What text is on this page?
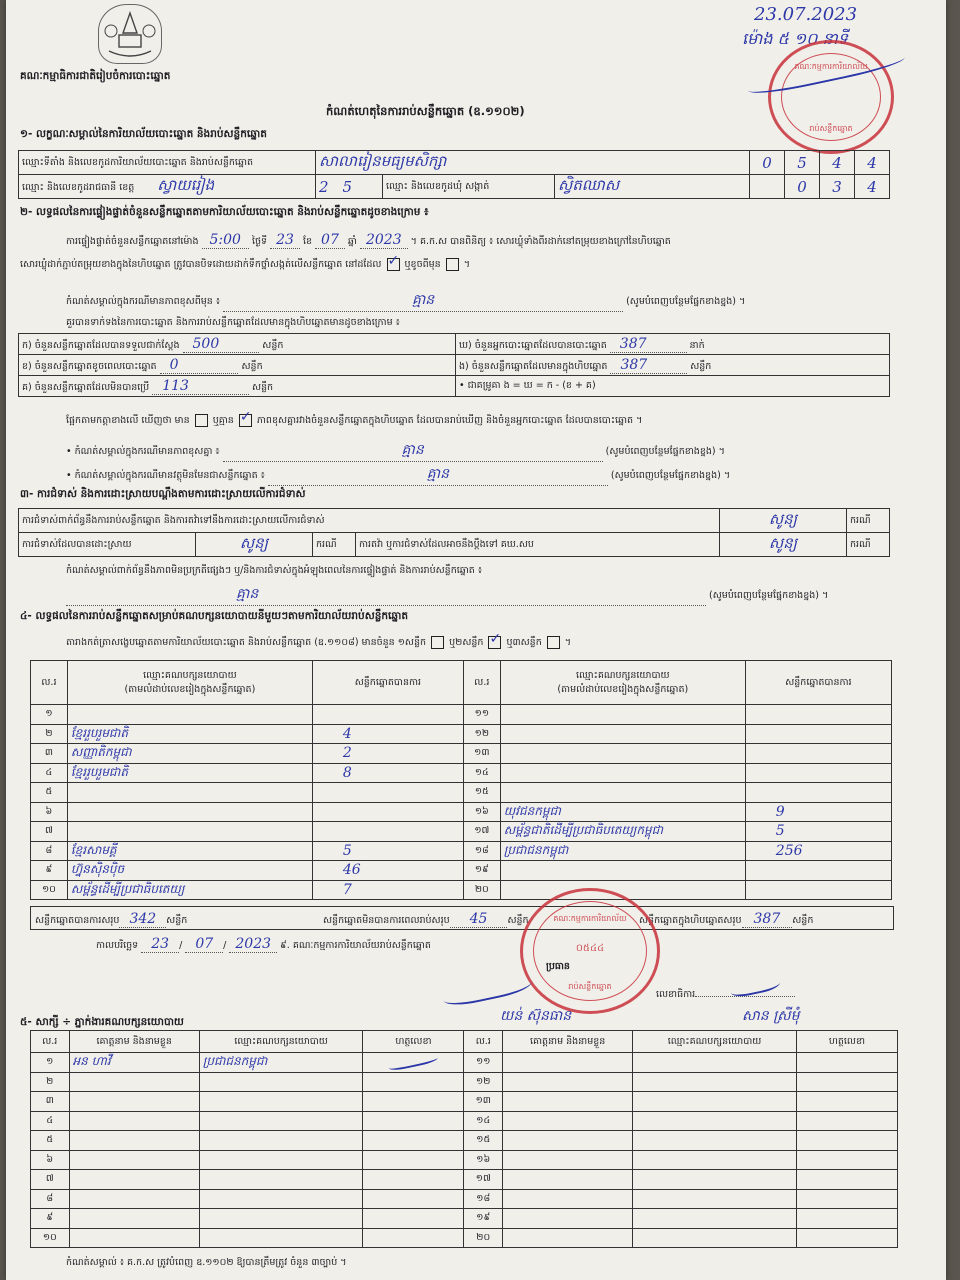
គណៈកម្មាធិការជាតិរៀបចំការបោះឆ្នោត
កំណត់ហេតុនៃការរាប់សន្លឹកឆ្នោត (ឧ.១១០២)
23.07.2023
ម៉ោង ៥ ១០ នាទី
គណៈកម្មការការិយាល័យ
រាប់សន្លឹកឆ្នោត
១- លក្ខណៈសម្គាល់នៃការិយាល័យបោះឆ្នោត និងរាប់សន្លឹកឆ្នោត
ឈ្មោះទីតាំង និងលេខកូដការិយាល័យបោះឆ្នោត និងរាប់សន្លឹកឆ្នោត	សាលារៀនមធ្យមសិក្សា			0	5	4	4
ឈ្មោះ និងលេខកូដរាជធានី ខេត្ត ស្វាយរៀង	25	ឈ្មោះ និងលេខកូដឃុំ សង្កាត់	ស្វិតឈាស		0	3	4
២- លទ្ធផលនៃការផ្ទៀងផ្ទាត់ចំនួនសន្លឹកឆ្នោតតាមការិយាល័យបោះឆ្នោត និងរាប់សន្លឹកឆ្នោតដូចខាងក្រោម ៖
ការផ្ទៀងផ្ទាត់ចំនួនសន្លឹកឆ្នោតនៅម៉ោង 5:00 ថ្ងៃទី 23 ខែ 07 ឆ្នាំ 2023 ។ គ.ក.ស បានពិនិត្យ ៖ សោរឃ្លុំទាំងពីរដាក់នៅតម្រុយខាងក្រៅនៃហិបឆ្នោត
សោរឃ្លុំដាក់ភ្ជាប់តម្រុយខាងក្នុងនៃហិបឆ្នោត ត្រូវបានបិទដោយដាក់ទឹកថ្នាំសង្កត់លើសន្លឹកឆ្នោត នៅដដែល ✓ ឬខូចពីមុន  ។
កំណត់សម្គាល់ក្នុងករណីមានភាពខុសពីមុន ៖	គ្មាន	(សូមបំពេញបន្ថែមផ្នែកខាងខ្នង) ។
គួរបានទាក់ទងនៃការបោះឆ្នោត និងការរាប់សន្លឹកឆ្នោតដែលមានក្នុងហិបឆ្នោតមានដូចខាងក្រោម ៖
ក) ចំនួនសន្លឹកឆ្នោតដែលបានទទួលជាក់ស្តែង 500 សន្លឹក	ឃ) ចំនួនអ្នកបោះឆ្នោតដែលបានបោះឆ្នោត 387 នាក់
ខ) ចំនួនសន្លឹកឆ្នោតខូចពេលបោះឆ្នោត 0 សន្លឹក	ង) ចំនួនសន្លឹកឆ្នោតដែលមានក្នុងហិបឆ្នោត 387 សន្លឹក
គ) ចំនួនសន្លឹកឆ្នោតដែលមិនបានប្រើ 113 សន្លឹក	• ជាគម្រូគា ង = ឃ = ក - (ខ + គ)
ផ្អែកតាមកត្តាខាងលើ ឃើញថា មាន ឬគ្មាន ✓ ភាពខុសគ្នារវាងចំនួនសន្លឹកឆ្នោតក្នុងហិបឆ្នោត ដែលបានរាប់ឃើញ និងចំនួនអ្នកបោះឆ្នោត ដែលបានបោះឆ្នោត ។
• កំណត់សម្គាល់ក្នុងករណីមានភាពខុសគ្នា ៖	គ្មាន	(សូមបំពេញបន្ថែមផ្នែកខាងខ្នង) ។
• កំណត់សម្គាល់ក្នុងករណីមានវត្ថុមិនមែនជាសន្លឹកឆ្នោត ៖	គ្មាន	(សូមបំពេញបន្ថែមផ្នែកខាងខ្នង) ។
៣- ការជំទាស់ និងការដោះស្រាយបណ្តឹងតាមការដោះស្រាយលើការជំទាស់
ការជំទាស់ពាក់ព័ន្ធនឹងការរាប់សន្លឹកឆ្នោត និងការតវ៉ាទៅនឹងការដោះស្រាយលើការជំទាស់				សូន្យ	ករណី
ការជំទាស់ដែលបានដោះស្រាយ	សូន្យ	ករណី	ការតវ៉ា ឬការជំទាស់ដែលអាចនឹងប្តឹងទៅ គឃ.សប	សូន្យ	ករណី
កំណត់សម្គាល់ពាក់ព័ន្ធនឹងភាពមិនប្រក្រតីផ្សេងៗ ឬ/និងការជំទាស់ក្នុងអំឡុងពេលនៃការផ្ទៀងផ្ទាត់ និងការរាប់សន្លឹកឆ្នោត ៖
គ្មាន	(សូមបំពេញបន្ថែមផ្នែកខាងខ្នង) ។
៤- លទ្ធផលនៃការរាប់សន្លឹកឆ្នោតសម្រាប់គណបក្សនយោបាយនីមួយៗតាមការិយាល័យរាប់សន្លឹកឆ្នោត
តារាងកត់ត្រាសង្ខេបឆ្នោតតាមការិយាល័យបោះឆ្នោត និងរាប់សន្លឹកឆ្នោត (ឧ.១១០៨) មានចំនួន ១សន្លឹក ឬ២សន្លឹក ✓ ឬ៣សន្លឹក  ។
ល.រ	ឈ្មោះគណបក្សនយោបាយ
(តាមលំដាប់លេខរៀងក្នុងសន្លឹកឆ្នោត)	សន្លឹកឆ្នោតបានការ	ល.រ	ឈ្មោះគណបក្សនយោបាយ
(តាមលំដាប់លេខរៀងក្នុងសន្លឹកឆ្នោត)	សន្លឹកឆ្នោតបានការ
១			១១		
២	ខ្មែររួបរួមជាតិ	4	១២		
៣	សញ្ញាតិកម្ពុជា	2	១៣		
៤	ខ្មែររួបរួមជាតិ	8	១៤		
៥			១៥		
៦			១៦	យុវជនកម្ពុជា	9
៧			១៧	សម្ព័ន្ធជាតិដើម្បីប្រជាធិបតេយ្យកម្ពុជា	5
៨	ខ្មែរសាមគ្គី	5	១៨	ប្រជាជនកម្ពុជា	256
៩	ហ្វ៊ុនស៊ិនប៉ិច	46	១៩		
១០	សម្ព័ន្ធដើម្បីប្រជាធិបតេយ្យ	7	២០		
សន្លឹកឆ្នោតបានការសរុប 342 សន្លឹក	សន្លឹកឆ្នោតមិនបានការពេលរាប់សរុប 45 សន្លឹក	សន្លឹកឆ្នោតក្នុងហិបឆ្នោតសរុប 387 សន្លឹក
កាលបរិច្ឆេទ 23 / 07 / 2023 ៩. គណៈកម្មការការិយាល័យរាប់សន្លឹកឆ្នោត
គណៈកម្មការការិយាល័យ
០៥៤៤
រាប់សន្លឹកឆ្នោត
ប្រធាន
លេខាធិការ
យន់ ស៊ុនធាន	សាន ស្រីមុំ
៥- សាក្សី ÷ ភ្នាក់ងារគណបក្សនយោបាយ
ល.រ	គោត្តនាម និងនាមខ្លួន	ឈ្មោះគណបក្សនយោបាយ	ហត្ថលេខា	ល.រ	គោត្តនាម និងនាមខ្លួន	ឈ្មោះគណបក្សនយោបាយ	ហត្ថលេខា
១	អន ហាវី	ប្រជាជនកម្ពុជា		១១			
២				១២			
៣				១៣			
៤				១៤			
៥				១៥			
៦				១៦			
៧				១៧			
៨				១៨			
៩				១៩			
១០				២០			
កំណត់សម្គាល់ ៖ គ.ក.ស ត្រូវបំពេញ ឧ.១១០២ ឱ្យបានត្រឹមត្រូវ ចំនួន ៣ច្បាប់ ។
